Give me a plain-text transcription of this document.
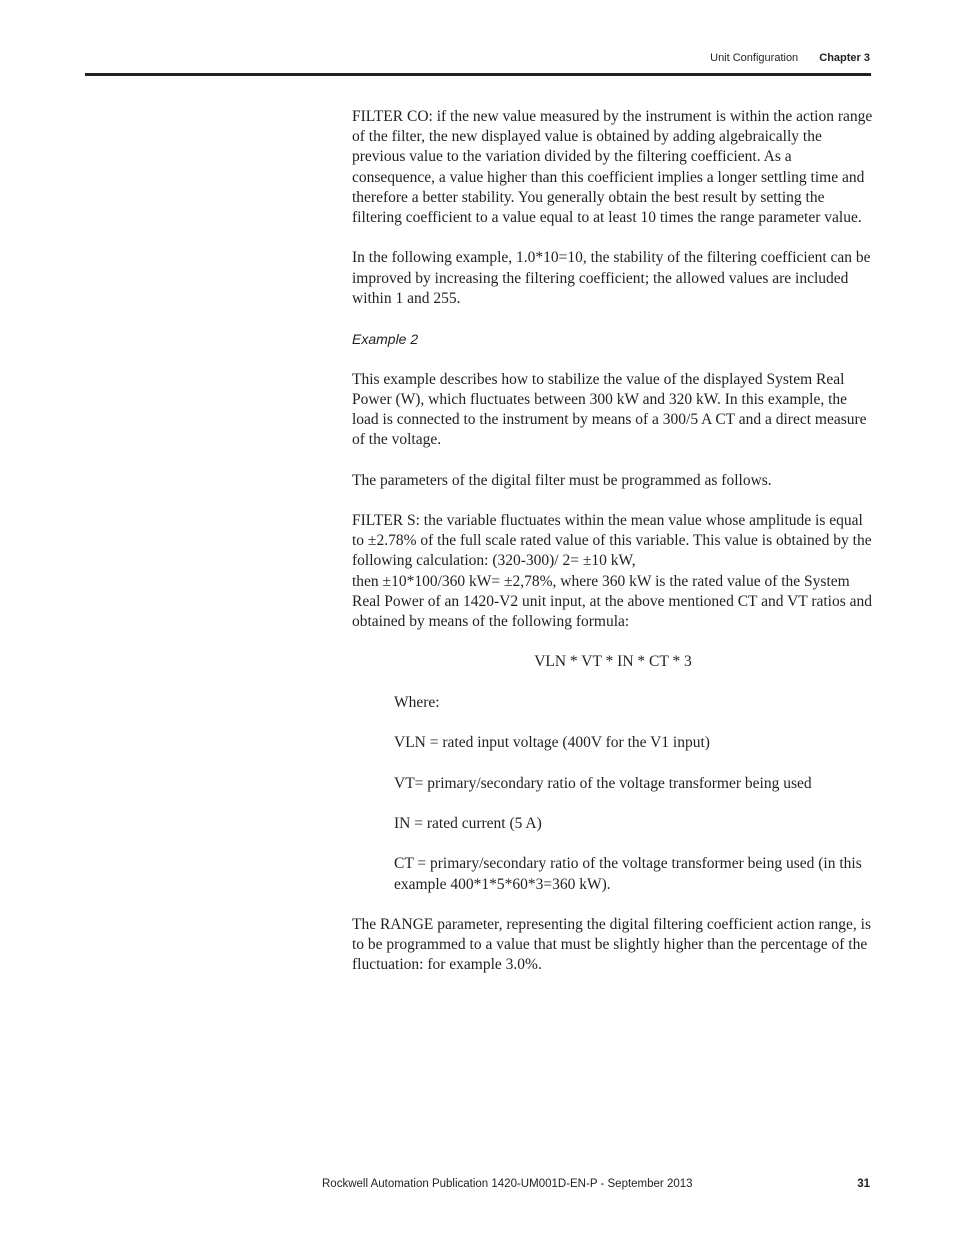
Unit Configuration Chapter 3

FILTER CO: if the new value measured by the instrument is within the action range of the filter, the new displayed value is obtained by adding algebraically the previous value to the variation divided by the filtering coefficient. As a consequence, a value higher than this coefficient implies a longer settling time and therefore a better stability. You generally obtain the best result by setting the filtering coefficient to a value equal to at least 10 times the range parameter value.

In the following example, 1.0*10=10, the stability of the filtering coefficient can be improved by increasing the filtering coefficient; the allowed values are included within 1 and 255.

Example 2

This example describes how to stabilize the value of the displayed System Real Power (W), which fluctuates between 300 kW and 320 kW. In this example, the load is connected to the instrument by means of a 300/5 A CT and a direct measure of the voltage.

The parameters of the digital filter must be programmed as follows.

FILTER S: the variable fluctuates within the mean value whose amplitude is equal to ±2.78% of the full scale rated value of this variable. This value is obtained by the following calculation: (320-300)/ 2= ±10 kW,
then ±10*100/360 kW= ±2,78%, where 360 kW is the rated value of the System Real Power of an 1420-V2 unit input, at the above mentioned CT and VT ratios and obtained by means of the following formula:

VLN * VT * IN * CT * 3

Where:

VLN = rated input voltage (400V for the V1 input)

VT= primary/secondary ratio of the voltage transformer being used

IN = rated current (5 A)

CT = primary/secondary ratio of the voltage transformer being used (in this example 400*1*5*60*3=360 kW).

The RANGE parameter, representing the digital filtering coefficient action range, is to be programmed to a value that must be slightly higher than the percentage of the fluctuation: for example 3.0%.

Rockwell Automation Publication 1420-UM001D-EN-P - September 2013	31
